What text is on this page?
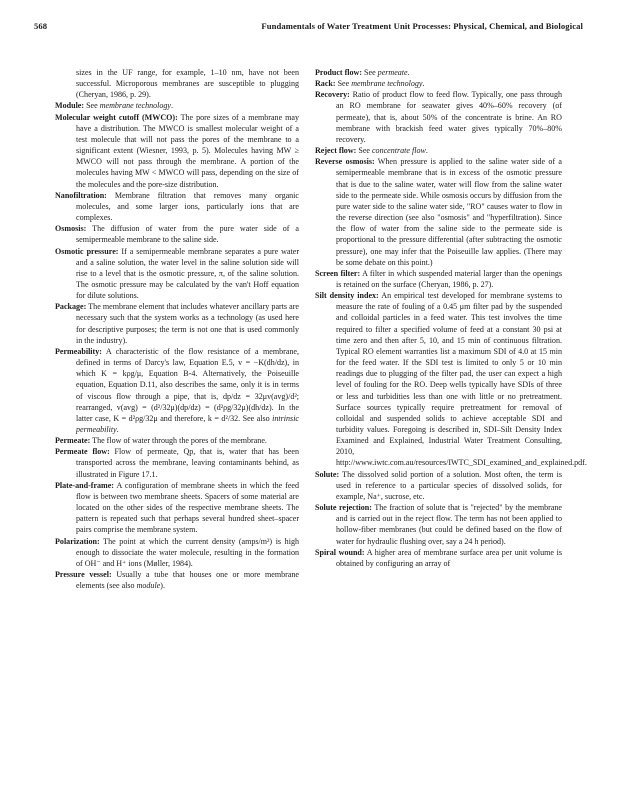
568	Fundamentals of Water Treatment Unit Processes: Physical, Chemical, and Biological

sizes in the UF range, for example, 1–10 nm, have not been successful. Microporous membranes are susceptible to plugging (Cheryan, 1986, p. 29).

Module: See membrane technology.

Molecular weight cutoff (MWCO): The pore sizes of a membrane may have a distribution. The MWCO is smallest molecular weight of a test molecule that will not pass the pores of the membrane to a significant extent (Wiesner, 1993, p. 5). Molecules having MW ≥ MWCO will not pass through the membrane. A portion of the molecules having MW < MWCO will pass, depending on the size of the molecules and the pore-size distribution.

Nanofiltration: Membrane filtration that removes many organic molecules, and some larger ions, particularly ions that are complexes.

Osmosis: The diffusion of water from the pure water side of a semipermeable membrane to the saline side.

Osmotic pressure: If a semipermeable membrane separates a pure water and a saline solution, the water level in the saline solution side will rise to a level that is the osmotic pressure, π, of the saline solution. The osmotic pressure may be calculated by the van't Hoff equation for dilute solutions.

Package: The membrane element that includes whatever ancillary parts are necessary such that the system works as a technology (as used here for descriptive purposes; the term is not one that is used commonly in the industry).

Permeability: A characteristic of the flow resistance of a membrane, defined in terms of Darcy's law, Equation E.5, v = −K(dh/dz), in which K = kρg/μ, Equation B-4. Alternatively, the Poiseuille equation, Equation D.11, also describes the same, only it is in terms of viscous flow through a pipe, that is, dp/dz = 32μv(avg)/d²; rearranged, v(avg) = (d²/32μ)(dp/dz) = (d²ρg/32μ)(dh/dz). In the latter case, K = d²ρg/32μ and therefore, k = d²/32. See also intrinsic permeability.

Permeate: The flow of water through the pores of the membrane.

Permeate flow: Flow of permeate, Qp, that is, water that has been transported across the membrane, leaving contaminants behind, as illustrated in Figure 17.1.

Plate-and-frame: A configuration of membrane sheets in which the feed flow is between two membrane sheets. Spacers of some material are located on the other sides of the respective membrane sheets. The pattern is repeated such that perhaps several hundred sheet–spacer pairs comprise the membrane system.

Polarization: The point at which the current density (amps/m²) is high enough to dissociate the water molecule, resulting in the formation of OH⁻ and H⁺ ions (Møller, 1984).

Pressure vessel: Usually a tube that houses one or more membrane elements (see also module).

Product flow: See permeate.

Rack: See membrane technology.

Recovery: Ratio of product flow to feed flow. Typically, one pass through an RO membrane for seawater gives 40%–60% recovery (of permeate), that is, about 50% of the concentrate is brine. An RO membrane with brackish feed water gives typically 70%–80% recovery.

Reject flow: See concentrate flow.

Reverse osmosis: When pressure is applied to the saline water side of a semipermeable membrane that is in excess of the osmotic pressure that is due to the saline water, water will flow from the saline water side to the permeate side. While osmosis occurs by diffusion from the pure water side to the saline water side, "RO" causes water to flow in the reverse direction (see also "osmosis" and "hyperfiltration). Since the flow of water from the saline side to the permeate side is proportional to the pressure differential (after subtracting the osmotic pressure), one may infer that the Poiseuille law applies. (There may be some debate on this point.)

Screen filter: A filter in which suspended material larger than the openings is retained on the surface (Cheryan, 1986, p. 27).

Silt density index: An empirical test developed for membrane systems to measure the rate of fouling of a 0.45 μm filter pad by the suspended and colloidal particles in a feed water. This test involves the time required to filter a specified volume of feed at a constant 30 psi at time zero and then after 5, 10, and 15 min of continuous filtration. Typical RO element warranties list a maximum SDI of 4.0 at 15 min for the feed water. If the SDI test is limited to only 5 or 10 min readings due to plugging of the filter pad, the user can expect a high level of fouling for the RO. Deep wells typically have SDIs of three or less and turbidities less than one with little or no pretreatment. Surface sources typically require pretreatment for removal of colloidal and suspended solids to achieve acceptable SDI and turbidity values. Foregoing is described in, SDI–Silt Density Index Examined and Explained, Industrial Water Treatment Consulting, 2010, http://www.iwtc.com.au/resources/IWTC_SDI_examined_and_explained.pdf.

Solute: The dissolved solid portion of a solution. Most often, the term is used in reference to a particular species of dissolved solids, for example, Na⁺, sucrose, etc.

Solute rejection: The fraction of solute that is "rejected" by the membrane and is carried out in the reject flow. The term has not been applied to hollow-fiber membranes (but could be defined based on the flow of water for hydraulic flushing over, say a 24 h period).

Spiral wound: A higher area of membrane surface area per unit volume is obtained by configuring an array of
